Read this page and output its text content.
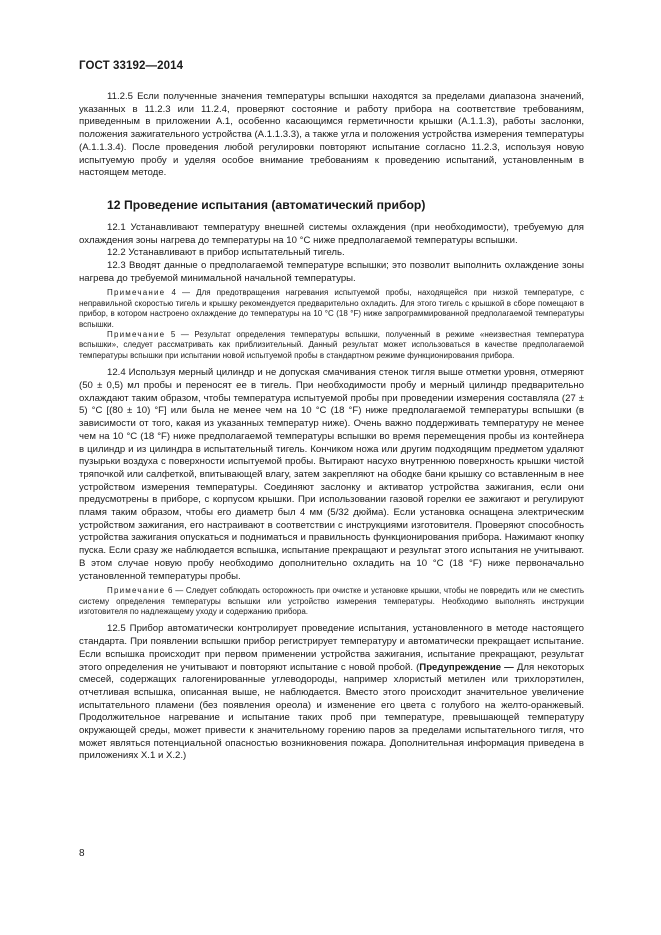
ГОСТ 33192—2014

11.2.5 Если полученные значения температуры вспышки находятся за пределами диапазона значений, указанных в 11.2.3 или 11.2.4, проверяют состояние и работу прибора на соответствие требованиям, приведенным в приложении А.1, особенно касающимся герметичности крышки (А.1.1.3), работы заслонки, положения зажигательного устройства (А.1.1.3.3), а также угла и положения устройства измерения температуры (А.1.1.3.4). После проведения любой регулировки повторяют испытание согласно 11.2.3, используя новую испытуемую пробу и уделяя особое внимание требованиям к проведению испытаний, установленным в настоящем методе.

12 Проведение испытания (автоматический прибор)

12.1 Устанавливают температуру внешней системы охлаждения (при необходимости), требуемую для охлаждения зоны нагрева до температуры на 10 °С ниже предполагаемой температуры вспышки.

12.2 Устанавливают в прибор испытательный тигель.

12.3 Вводят данные о предполагаемой температуре вспышки; это позволит выполнить охлаждение зоны нагрева до требуемой минимальной начальной температуры.

Примечание 4 — Для предотвращения нагревания испытуемой пробы, находящейся при низкой температуре, с неправильной скоростью тигель и крышку рекомендуется предварительно охладить. Для этого тигель с крышкой в сборе помещают в прибор, в котором настроено охлаждение до температуры на 10 °С (18 °F) ниже запрограммированной предполагаемой температуры вспышки.

Примечание 5 — Результат определения температуры вспышки, полученный в режиме «неизвестная температура вспышки», следует рассматривать как приблизительный. Данный результат может использоваться в качестве предполагаемой температуры вспышки при испытании новой испытуемой пробы в стандартном режиме функционирования прибора.

12.4 Используя мерный цилиндр и не допуская смачивания стенок тигля выше отметки уровня, отмеряют (50 ± 0,5) мл пробы и переносят ее в тигель. При необходимости пробу и мерный цилиндр предварительно охлаждают таким образом, чтобы температура испытуемой пробы при проведении измерения составляла (27 ± 5) °С [(80 ± 10) °F] или была не менее чем на 10 °С (18 °F) ниже предполагаемой температуры вспышки (в зависимости от того, какая из указанных температур ниже). Очень важно поддерживать температуру не менее чем на 10 °С (18 °F) ниже предполагаемой температуры вспышки во время перемещения пробы из контейнера в цилиндр и из цилиндра в испытательный тигель. Кончиком ножа или другим подходящим предметом удаляют пузырьки воздуха с поверхности испытуемой пробы. Вытирают насухо внутреннюю поверхность крышки чистой тряпочкой или салфеткой, впитывающей влагу, затем закрепляют на ободке бани крышку со вставленным в нее устройством измерения температуры. Соединяют заслонку и активатор устройства зажигания, если они предусмотрены в приборе, с корпусом крышки. При использовании газовой горелки ее зажигают и регулируют пламя таким образом, чтобы его диаметр был 4 мм (5/32 дюйма). Если установка оснащена электрическим устройством зажигания, его настраивают в соответствии с инструкциями изготовителя. Проверяют способность устройства зажигания опускаться и подниматься и правильность функционирования прибора. Нажимают кнопку пуска. Если сразу же наблюдается вспышка, испытание прекращают и результат этого испытания не учитывают. В этом случае новую пробу необходимо дополнительно охладить на 10 °С (18 °F) ниже первоначально установленной температуры пробы.

Примечание 6 — Следует соблюдать осторожность при очистке и установке крышки, чтобы не повредить или не сместить систему определения температуры вспышки или устройство измерения температуры. Необходимо выполнять инструкции изготовителя по надлежащему уходу и содержанию прибора.

12.5 Прибор автоматически контролирует проведение испытания, установленного в методе настоящего стандарта. При появлении вспышки прибор регистрирует температуру и автоматически прекращает испытание. Если вспышка происходит при первом применении устройства зажигания, испытание прекращают, результат этого определения не учитывают и повторяют испытание с новой пробой. (Предупреждение — Для некоторых смесей, содержащих галогенированные углеводороды, например хлористый метилен или трихлорэтилен, отчетливая вспышка, описанная выше, не наблюдается. Вместо этого происходит значительное увеличение испытательного пламени (без появления ореола) и изменение его цвета с голубого на желто-оранжевый. Продолжительное нагревание и испытание таких проб при температуре, превышающей температуру окружающей среды, может привести к значительному горению паров за пределами испытательного тигля, что может являться потенциальной опасностью возникновения пожара. Дополнительная информация приведена в приложениях Х.1 и Х.2.)

8
